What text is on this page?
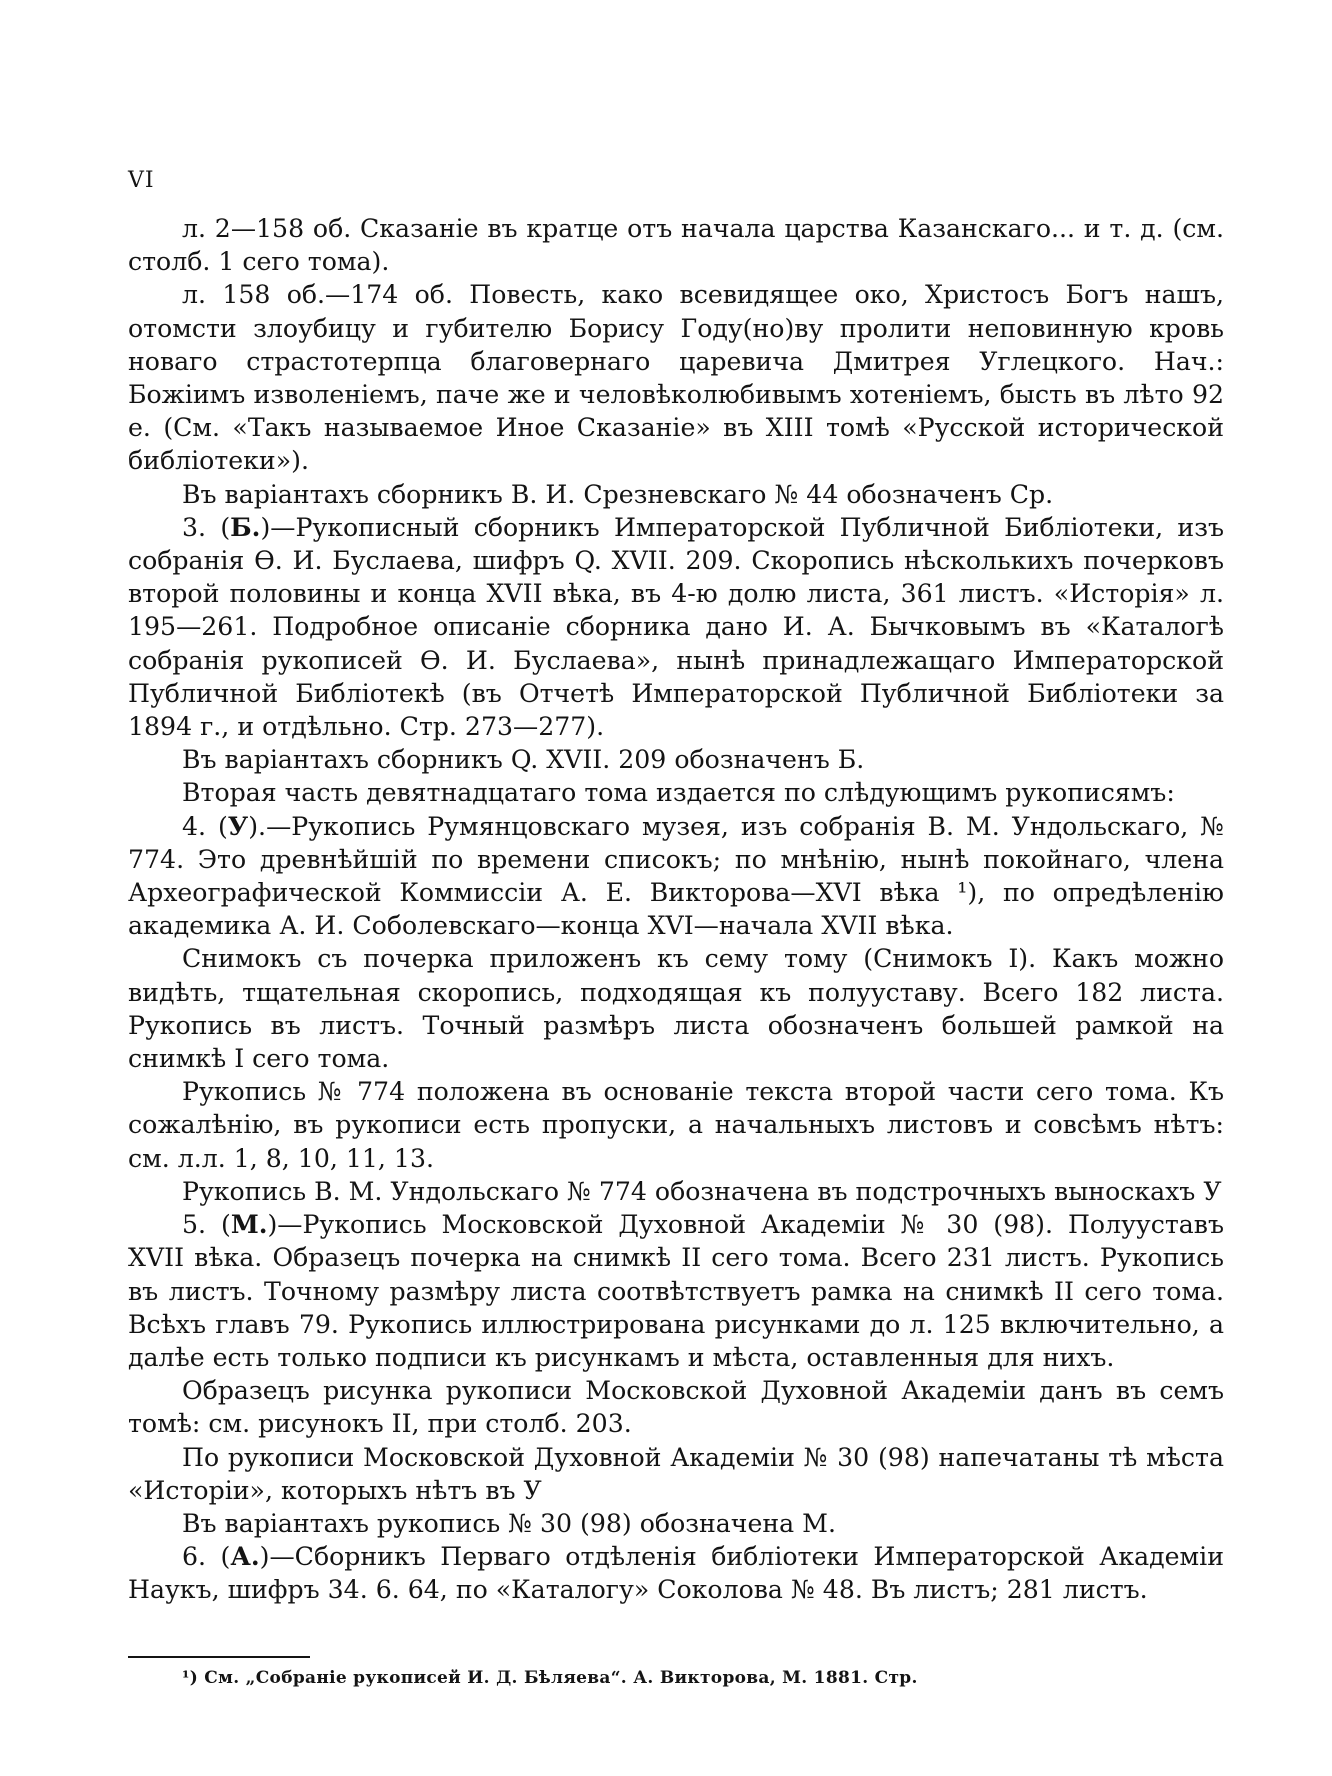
VI

л. 2—158 об. Сказаніе въ кратце отъ начала царства Казанскаго... и т. д. (см. столб. 1 сего тома).

л. 158 об.—174 об. Повесть, како всевидящее око, Христосъ Богъ нашъ, отомсти злоубицу и губителю Борису Году(но)ву пролити неповинную кровь новаго страстотерпца благовернаго царевича Дмитрея Углецкого. Нач.: Божіимъ изволеніемъ, паче же и человѣколюбивымъ хотеніемъ, бысть въ лѣто 92 е. (См. «Такъ называемое Иное Сказаніе» въ XIII томѣ «Русской исторической библіотеки»).

Въ варіантахъ сборникъ В. И. Срезневскаго № 44 обозначенъ Ср.

3. (Б.)—Рукописный сборникъ Императорской Публичной Библіотеки, изъ собранія Ѳ. И. Буслаева, шифръ Q. XVII. 209. Скоропись нѣсколькихъ почерковъ второй половины и конца XVII вѣка, въ 4-ю долю листа, 361 листъ. «Исторія» л. 195—261. Подробное описаніе сборника дано И. А. Бычковымъ въ «Каталогѣ собранія рукописей Ѳ. И. Буслаева», нынѣ принадлежащаго Императорской Публичной Библіотекѣ (въ Отчетѣ Императорской Публичной Библіотеки за 1894 г., и отдѣльно. Стр. 273—277).

Въ варіантахъ сборникъ Q. XVII. 209 обозначенъ Б.

Вторая часть девятнадцатаго тома издается по слѣдующимъ рукописямъ:

4. (У).—Рукопись Румянцовскаго музея, изъ собранія В. М. Ундольскаго, № 774. Это древнѣйшій по времени списокъ; по мнѣнію, нынѣ покойнаго, члена Археографической Коммиссіи А. Е. Викторова—XVI вѣка ¹), по опредѣленію академика А. И. Соболевскаго—конца XVI—начала XVII вѣка.

Снимокъ съ почерка приложенъ къ сему тому (Снимокъ I). Какъ можно видѣть, тщательная скоропись, подходящая къ полууставу. Всего 182 листа. Рукопись въ листъ. Точный размѣръ листа обозначенъ большей рамкой на снимкѣ I сего тома.

Рукопись № 774 положена въ основаніе текста второй части сего тома. Къ сожалѣнію, въ рукописи есть пропуски, а начальныхъ листовъ и совсѣмъ нѣтъ: см. л.л. 1, 8, 10, 11, 13.

Рукопись В. М. Ундольскаго № 774 обозначена въ подстрочныхъ выноскахъ У

5. (М.)—Рукопись Московской Духовной Академіи № 30 (98). Полууставъ XVII вѣка. Образецъ почерка на снимкѣ II сего тома. Всего 231 листъ. Рукопись въ листъ. Точному размѣру листа соотвѣтствуетъ рамка на снимкѣ II сего тома. Всѣхъ главъ 79. Рукопись иллюстрирована рисунками до л. 125 включительно, а далѣе есть только подписи къ рисункамъ и мѣста, оставленныя для нихъ.

Образецъ рисунка рукописи Московской Духовной Академіи данъ въ семъ томѣ: см. рисунокъ II, при столб. 203.

По рукописи Московской Духовной Академіи № 30 (98) напечатаны тѣ мѣста «Исторіи», которыхъ нѣтъ въ У

Въ варіантахъ рукопись № 30 (98) обозначена М.

6. (А.)—Сборникъ Перваго отдѣленія библіотеки Императорской Академіи Наукъ, шифръ 34. 6. 64, по «Каталогу» Соколова № 48. Въ листъ; 281 листъ.

¹) См. „Собраніе рукописей И. Д. Бѣляева“. А. Викторова, М. 1881. Стр.
